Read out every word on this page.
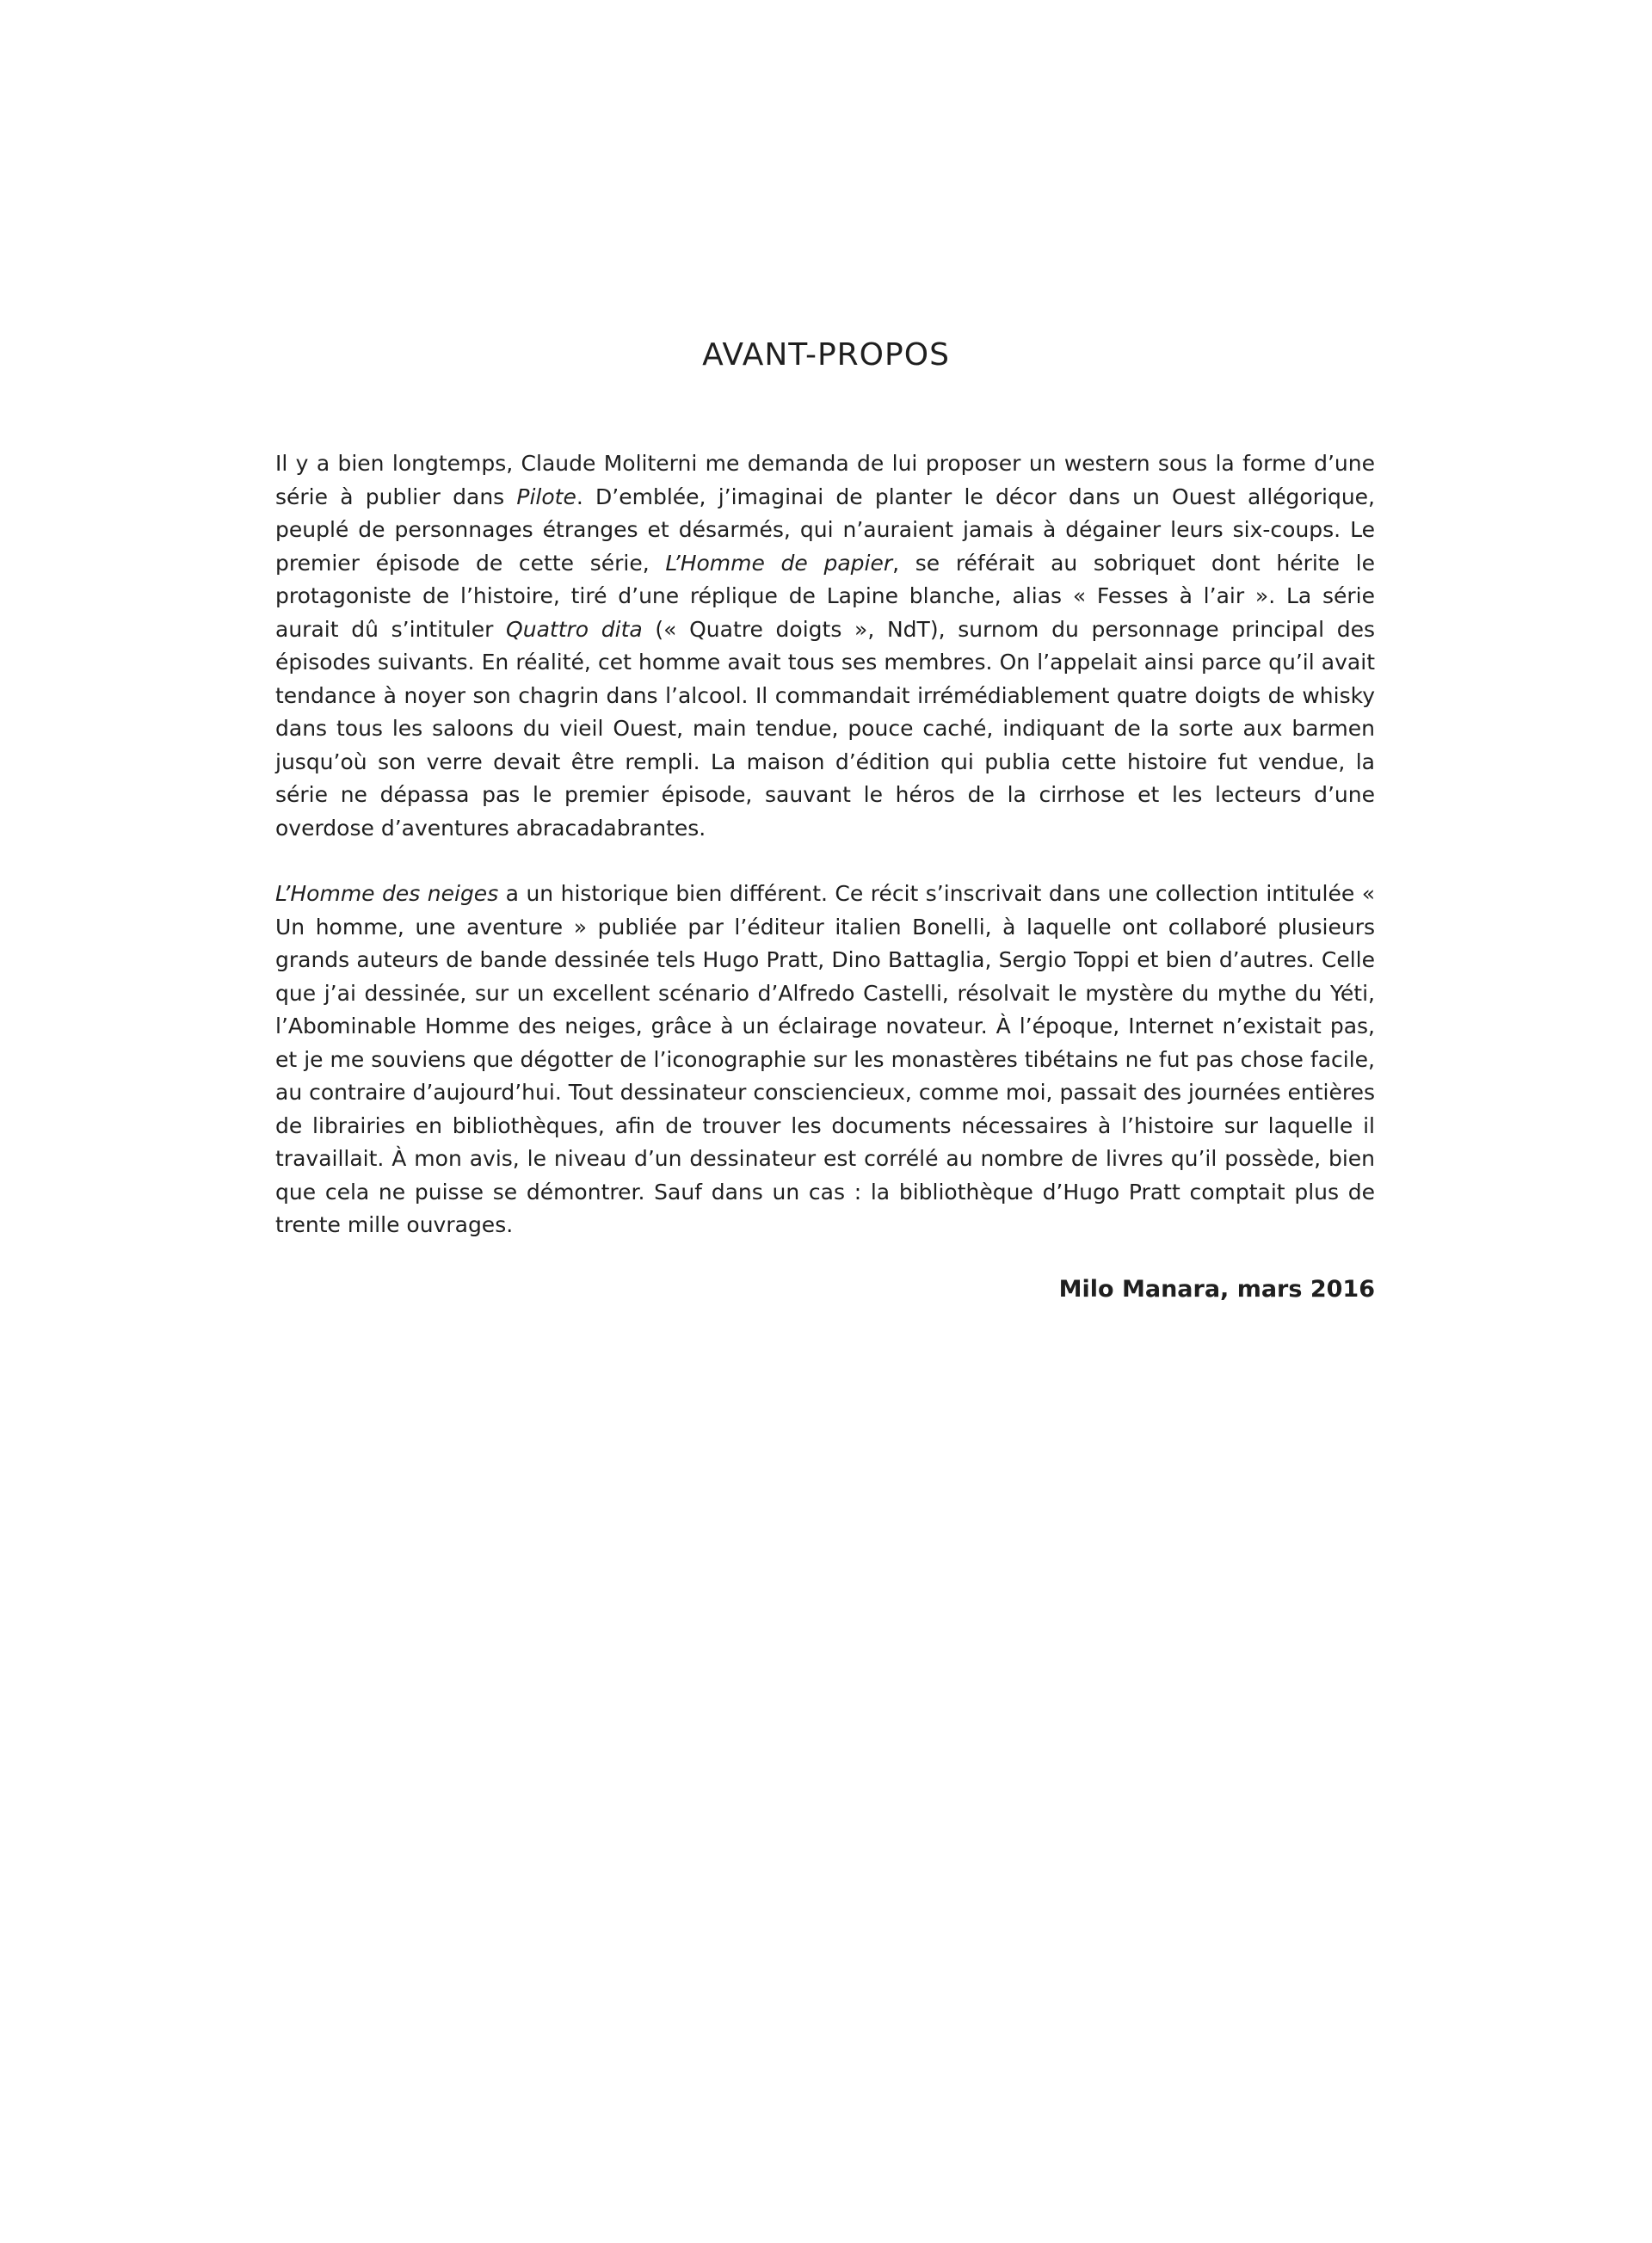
AVANT-PROPOS

Il y a bien longtemps, Claude Moliterni me demanda de lui proposer un western sous la forme d’une série à publier dans Pilote. D’emblée, j’imaginai de planter le décor dans un Ouest allégorique, peuplé de personnages étranges et désarmés, qui n’auraient jamais à dégainer leurs six-coups. Le premier épisode de cette série, L’Homme de papier, se référait au sobriquet dont hérite le protagoniste de l’histoire, tiré d’une réplique de Lapine blanche, alias « Fesses à l’air ». La série aurait dû s’intituler Quattro dita (« Quatre doigts », NdT), surnom du personnage principal des épisodes suivants. En réalité, cet homme avait tous ses membres. On l’appelait ainsi parce qu’il avait tendance à noyer son chagrin dans l’alcool. Il commandait irrémédiablement quatre doigts de whisky dans tous les saloons du vieil Ouest, main tendue, pouce caché, indiquant de la sorte aux barmen jusqu’où son verre devait être rempli. La maison d’édition qui publia cette histoire fut vendue, la série ne dépassa pas le premier épisode, sauvant le héros de la cirrhose et les lecteurs d’une overdose d’aventures abracadabrantes.

L’Homme des neiges a un historique bien différent. Ce récit s’inscrivait dans une collection intitulée « Un homme, une aventure » publiée par l’éditeur italien Bonelli, à laquelle ont collaboré plusieurs grands auteurs de bande dessinée tels Hugo Pratt, Dino Battaglia, Sergio Toppi et bien d’autres. Celle que j’ai dessinée, sur un excellent scénario d’Alfredo Castelli, résolvait le mystère du mythe du Yéti, l’Abominable Homme des neiges, grâce à un éclairage novateur. À l’époque, Internet n’existait pas, et je me souviens que dégotter de l’iconographie sur les monastères tibétains ne fut pas chose facile, au contraire d’aujourd’hui. Tout dessinateur consciencieux, comme moi, passait des journées entières de librairies en bibliothèques, afin de trouver les documents nécessaires à l’histoire sur laquelle il travaillait. À mon avis, le niveau d’un dessinateur est corrélé au nombre de livres qu’il possède, bien que cela ne puisse se démontrer. Sauf dans un cas : la bibliothèque d’Hugo Pratt comptait plus de trente mille ouvrages.

Milo Manara, mars 2016
